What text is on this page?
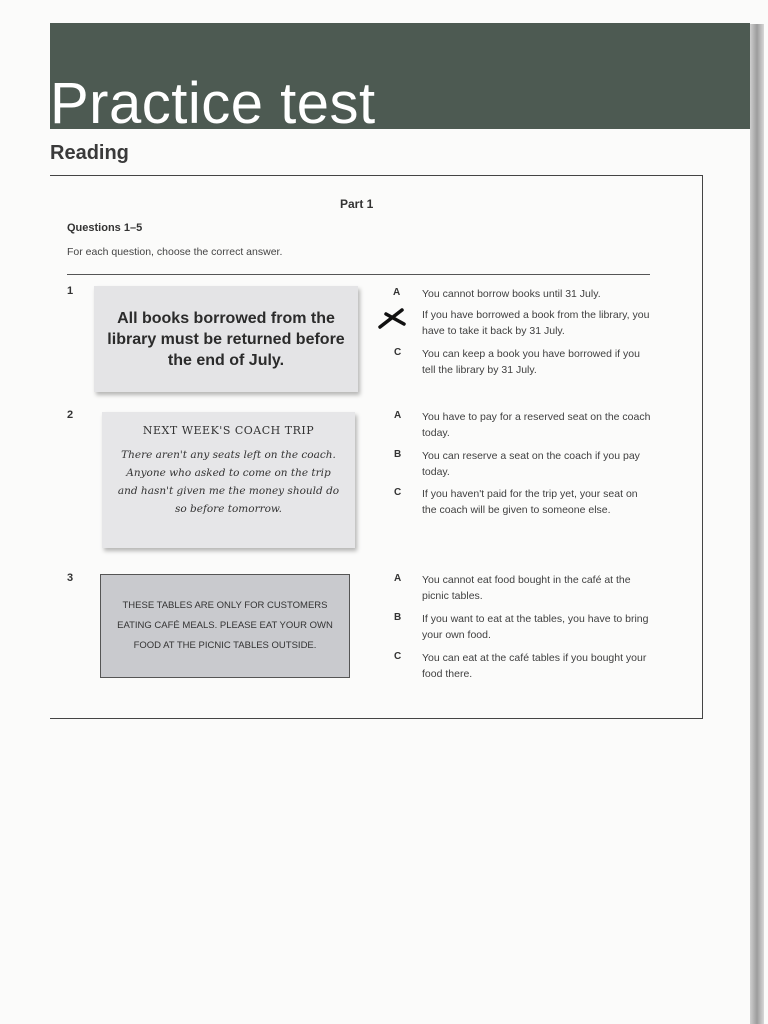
Practice test
Reading
Part 1
Questions 1–5
For each question, choose the correct answer.
1
All books borrowed from the library must be returned before the end of July.
A You cannot borrow books until 31 July.
If you have borrowed a book from the library, you have to take it back by 31 July.
C You can keep a book you have borrowed if you tell the library by 31 July.
2
NEXT WEEK'S COACH TRIP
There aren't any seats left on the coach. Anyone who asked to come on the trip and hasn't given me the money should do so before tomorrow.
A You have to pay for a reserved seat on the coach today.
B You can reserve a seat on the coach if you pay today.
C If you haven't paid for the trip yet, your seat on the coach will be given to someone else.
3
THESE TABLES ARE ONLY FOR CUSTOMERS EATING CAFÉ MEALS. PLEASE EAT YOUR OWN FOOD AT THE PICNIC TABLES OUTSIDE.
A You cannot eat food bought in the café at the picnic tables.
B If you want to eat at the tables, you have to bring your own food.
C You can eat at the café tables if you bought your food there.
